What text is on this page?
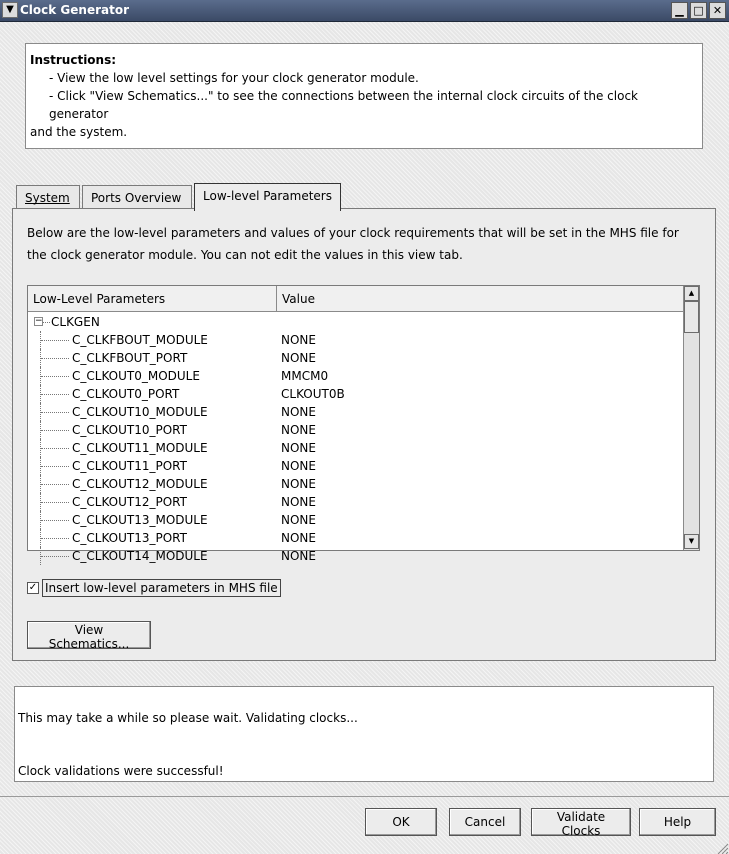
▼ Clock Generator	▁ □ ✕
Instructions:
- View the low level settings for your clock generator module.
- Click "View Schematics..." to see the connections between the internal clock circuits of the clock generator
and the system.
System	Ports Overview	Low-level Parameters
Below are the low-level parameters and values of your clock requirements that will be set in the MHS file for the clock generator module. You can not edit the values in this view tab.
Low-Level Parameters	Value
− CLKGEN
C_CLKFBOUT_MODULE	NONE
C_CLKFBOUT_PORT	NONE
C_CLKOUT0_MODULE	MMCM0
C_CLKOUT0_PORT	CLKOUT0B
C_CLKOUT10_MODULE	NONE
C_CLKOUT10_PORT	NONE
C_CLKOUT11_MODULE	NONE
C_CLKOUT11_PORT	NONE
C_CLKOUT12_MODULE	NONE
C_CLKOUT12_PORT	NONE
C_CLKOUT13_MODULE	NONE
C_CLKOUT13_PORT	NONE
C_CLKOUT14_MODULE	NONE
▲
▼
✓ Insert low-level parameters in MHS file
View Schematics...
This may take a while so please wait. Validating clocks...
Clock validations were successful!
OK	Cancel	Validate Clocks
Help
